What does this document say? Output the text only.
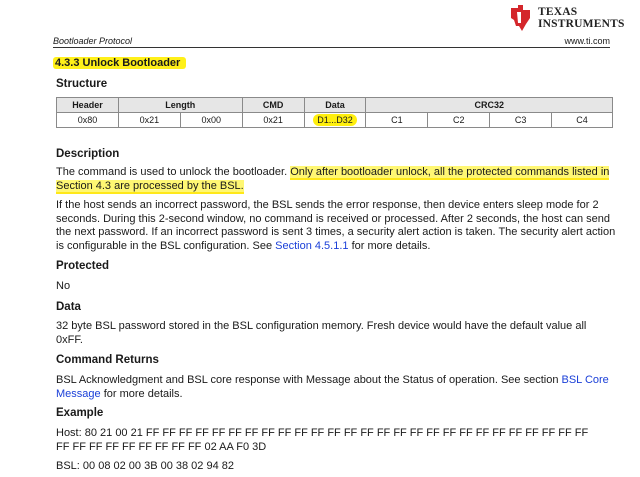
TEXAS
INSTRUMENTS
Bootloader Protocol	www.ti.com
4.3.3 Unlock Bootloader
Structure
Header	Length		CMD	Data	CRC32			
0x80	0x21	0x00	0x21	D1...D32	C1	C2	C3	C4
Description
The command is used to unlock the bootloader. Only after bootloader unlock, all the protected commands listed in Section 4.3 are processed by the BSL.
If the host sends an incorrect password, the BSL sends the error response, then device enters sleep mode for 2 seconds. During this 2-second window, no command is received or processed. After 2 seconds, the host can send the next password. If an incorrect password is sent 3 times, a security alert action is taken. The security alert action is configurable in the BSL configuration. See Section 4.5.1.1 for more details.
Protected
No
Data
32 byte BSL password stored in the BSL configuration memory. Fresh device would have the default value all 0xFF.
Command Returns
BSL Acknowledgment and BSL core response with Message about the Status of operation. See section BSL Core Message for more details.
Example
Host: 80 21 00 21 FF FF FF FF FF FF FF FF FF FF FF FF FF FF FF FF FF FF FF FF FF FF FF FF FF FF FF FF FF FF FF FF FF FF FF FF 02 AA F0 3D
BSL: 00 08 02 00 3B 00 38 02 94 82
